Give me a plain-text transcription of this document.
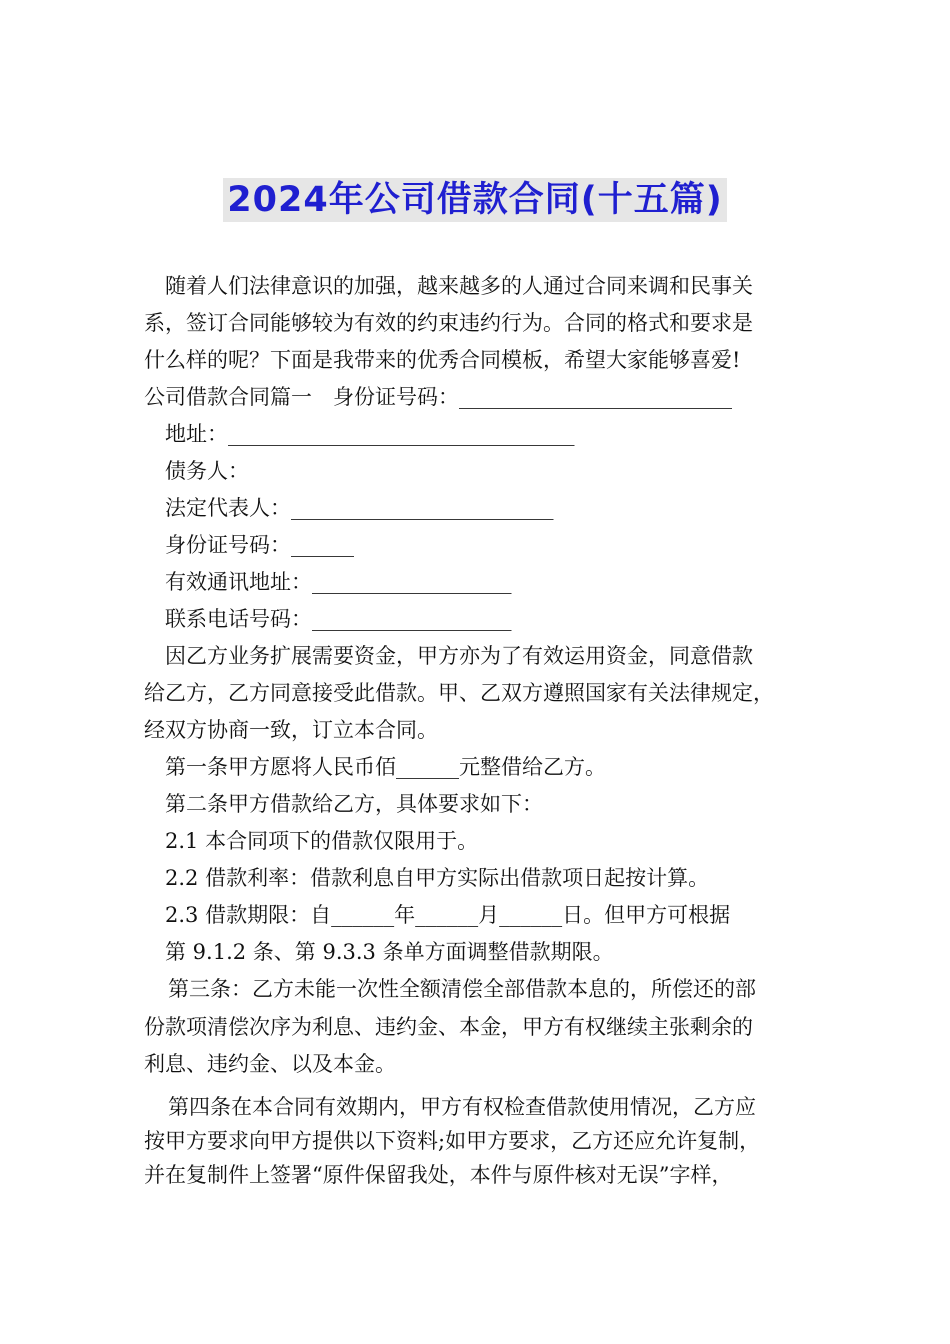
2024年公司借款合同(十五篇)

随着人们法律意识的加强，越来越多的人通过合同来调和民事关

系，签订合同能够较为有效的约束违约行为。合同的格式和要求是

什么样的呢？下面是我带来的优秀合同模板，希望大家能够喜爱!

公司借款合同篇一　身份证号码：__________________________

地址：_________________________________

债务人：

法定代表人：_________________________

身份证号码：______

有效通讯地址：___________________

联系电话号码：___________________

因乙方业务扩展需要资金，甲方亦为了有效运用资金，同意借款

给乙方，乙方同意接受此借款。甲、乙双方遵照国家有关法律规定，

经双方协商一致，订立本合同。

第一条甲方愿将人民币佰______元整借给乙方。

第二条甲方借款给乙方，具体要求如下：

2.1 本合同项下的借款仅限用于。

2.2 借款利率：借款利息自甲方实际出借款项日起按计算。

2.3 借款期限：自______年______月______日。但甲方可根据

第 9.1.2 条、第 9.3.3 条单方面调整借款期限。

第三条：乙方未能一次性全额清偿全部借款本息的，所偿还的部

份款项清偿次序为利息、违约金、本金，甲方有权继续主张剩余的

利息、违约金、以及本金。

第四条在本合同有效期内，甲方有权检查借款使用情况，乙方应

按甲方要求向甲方提供以下资料;如甲方要求，乙方还应允许复制，

并在复制件上签署“原件保留我处，本件与原件核对无误”字样，
